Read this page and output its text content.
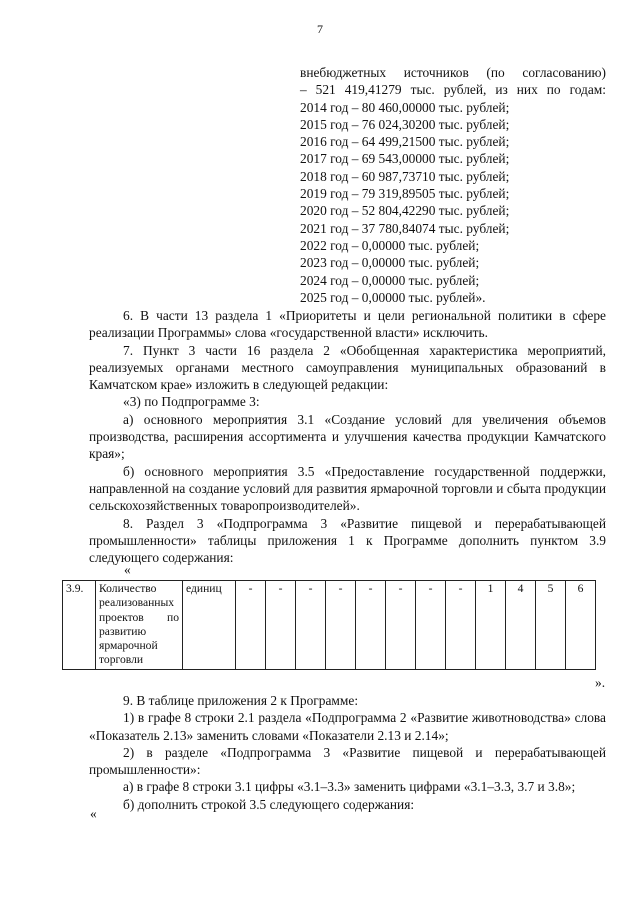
7
внебюджетных источников (по согласованию)
– 521 419,41279 тыс. рублей, из них по годам:
2014 год – 80 460,00000 тыс. рублей;
2015 год – 76 024,30200 тыс. рублей;
2016 год – 64 499,21500 тыс. рублей;
2017 год – 69 543,00000 тыс. рублей;
2018 год – 60 987,73710 тыс. рублей;
2019 год – 79 319,89505 тыс. рублей;
2020 год – 52 804,42290 тыс. рублей;
2021 год – 37 780,84074 тыс. рублей;
2022 год – 0,00000 тыс. рублей;
2023 год – 0,00000 тыс. рублей;
2024 год – 0,00000 тыс. рублей;
2025 год – 0,00000 тыс. рублей».
6. В части 13 раздела 1 «Приоритеты и цели региональной политики в сфере реализации Программы» слова «государственной власти» исключить.
7. Пункт 3 части 16 раздела 2 «Обобщенная характеристика мероприятий, реализуемых органами местного самоуправления муниципальных образований в Камчатском крае» изложить в следующей редакции:
«3) по Подпрограмме 3:
а) основного мероприятия 3.1 «Создание условий для увеличения объемов производства, расширения ассортимента и улучшения качества продукции Камчатского края»;
б) основного мероприятия 3.5 «Предоставление государственной поддержки, направленной на создание условий для развития ярмарочной торговли и сбыта продукции сельскохозяйственных товаропроизводителей».
8. Раздел 3 «Подпрограмма 3 «Развитие пищевой и перерабатывающей промышленности» таблицы приложения 1 к Программе дополнить пунктом 3.9 следующего содержания:
«
3.9.	Количество реализованных проектов по развитию ярмарочной торговли	единиц	-	-	-	-	-	-	-	-	1	4	5	6
».
9. В таблице приложения 2 к Программе:
1) в графе 8 строки 2.1 раздела «Подпрограмма 2 «Развитие животноводства» слова «Показатель 2.13» заменить словами «Показатели 2.13 и 2.14»;
2) в разделе «Подпрограмма 3 «Развитие пищевой и перерабатывающей промышленности»:
а) в графе 8 строки 3.1 цифры «3.1–3.3» заменить цифрами «3.1–3.3, 3.7 и 3.8»;
б) дополнить строкой 3.5 следующего содержания:
«
